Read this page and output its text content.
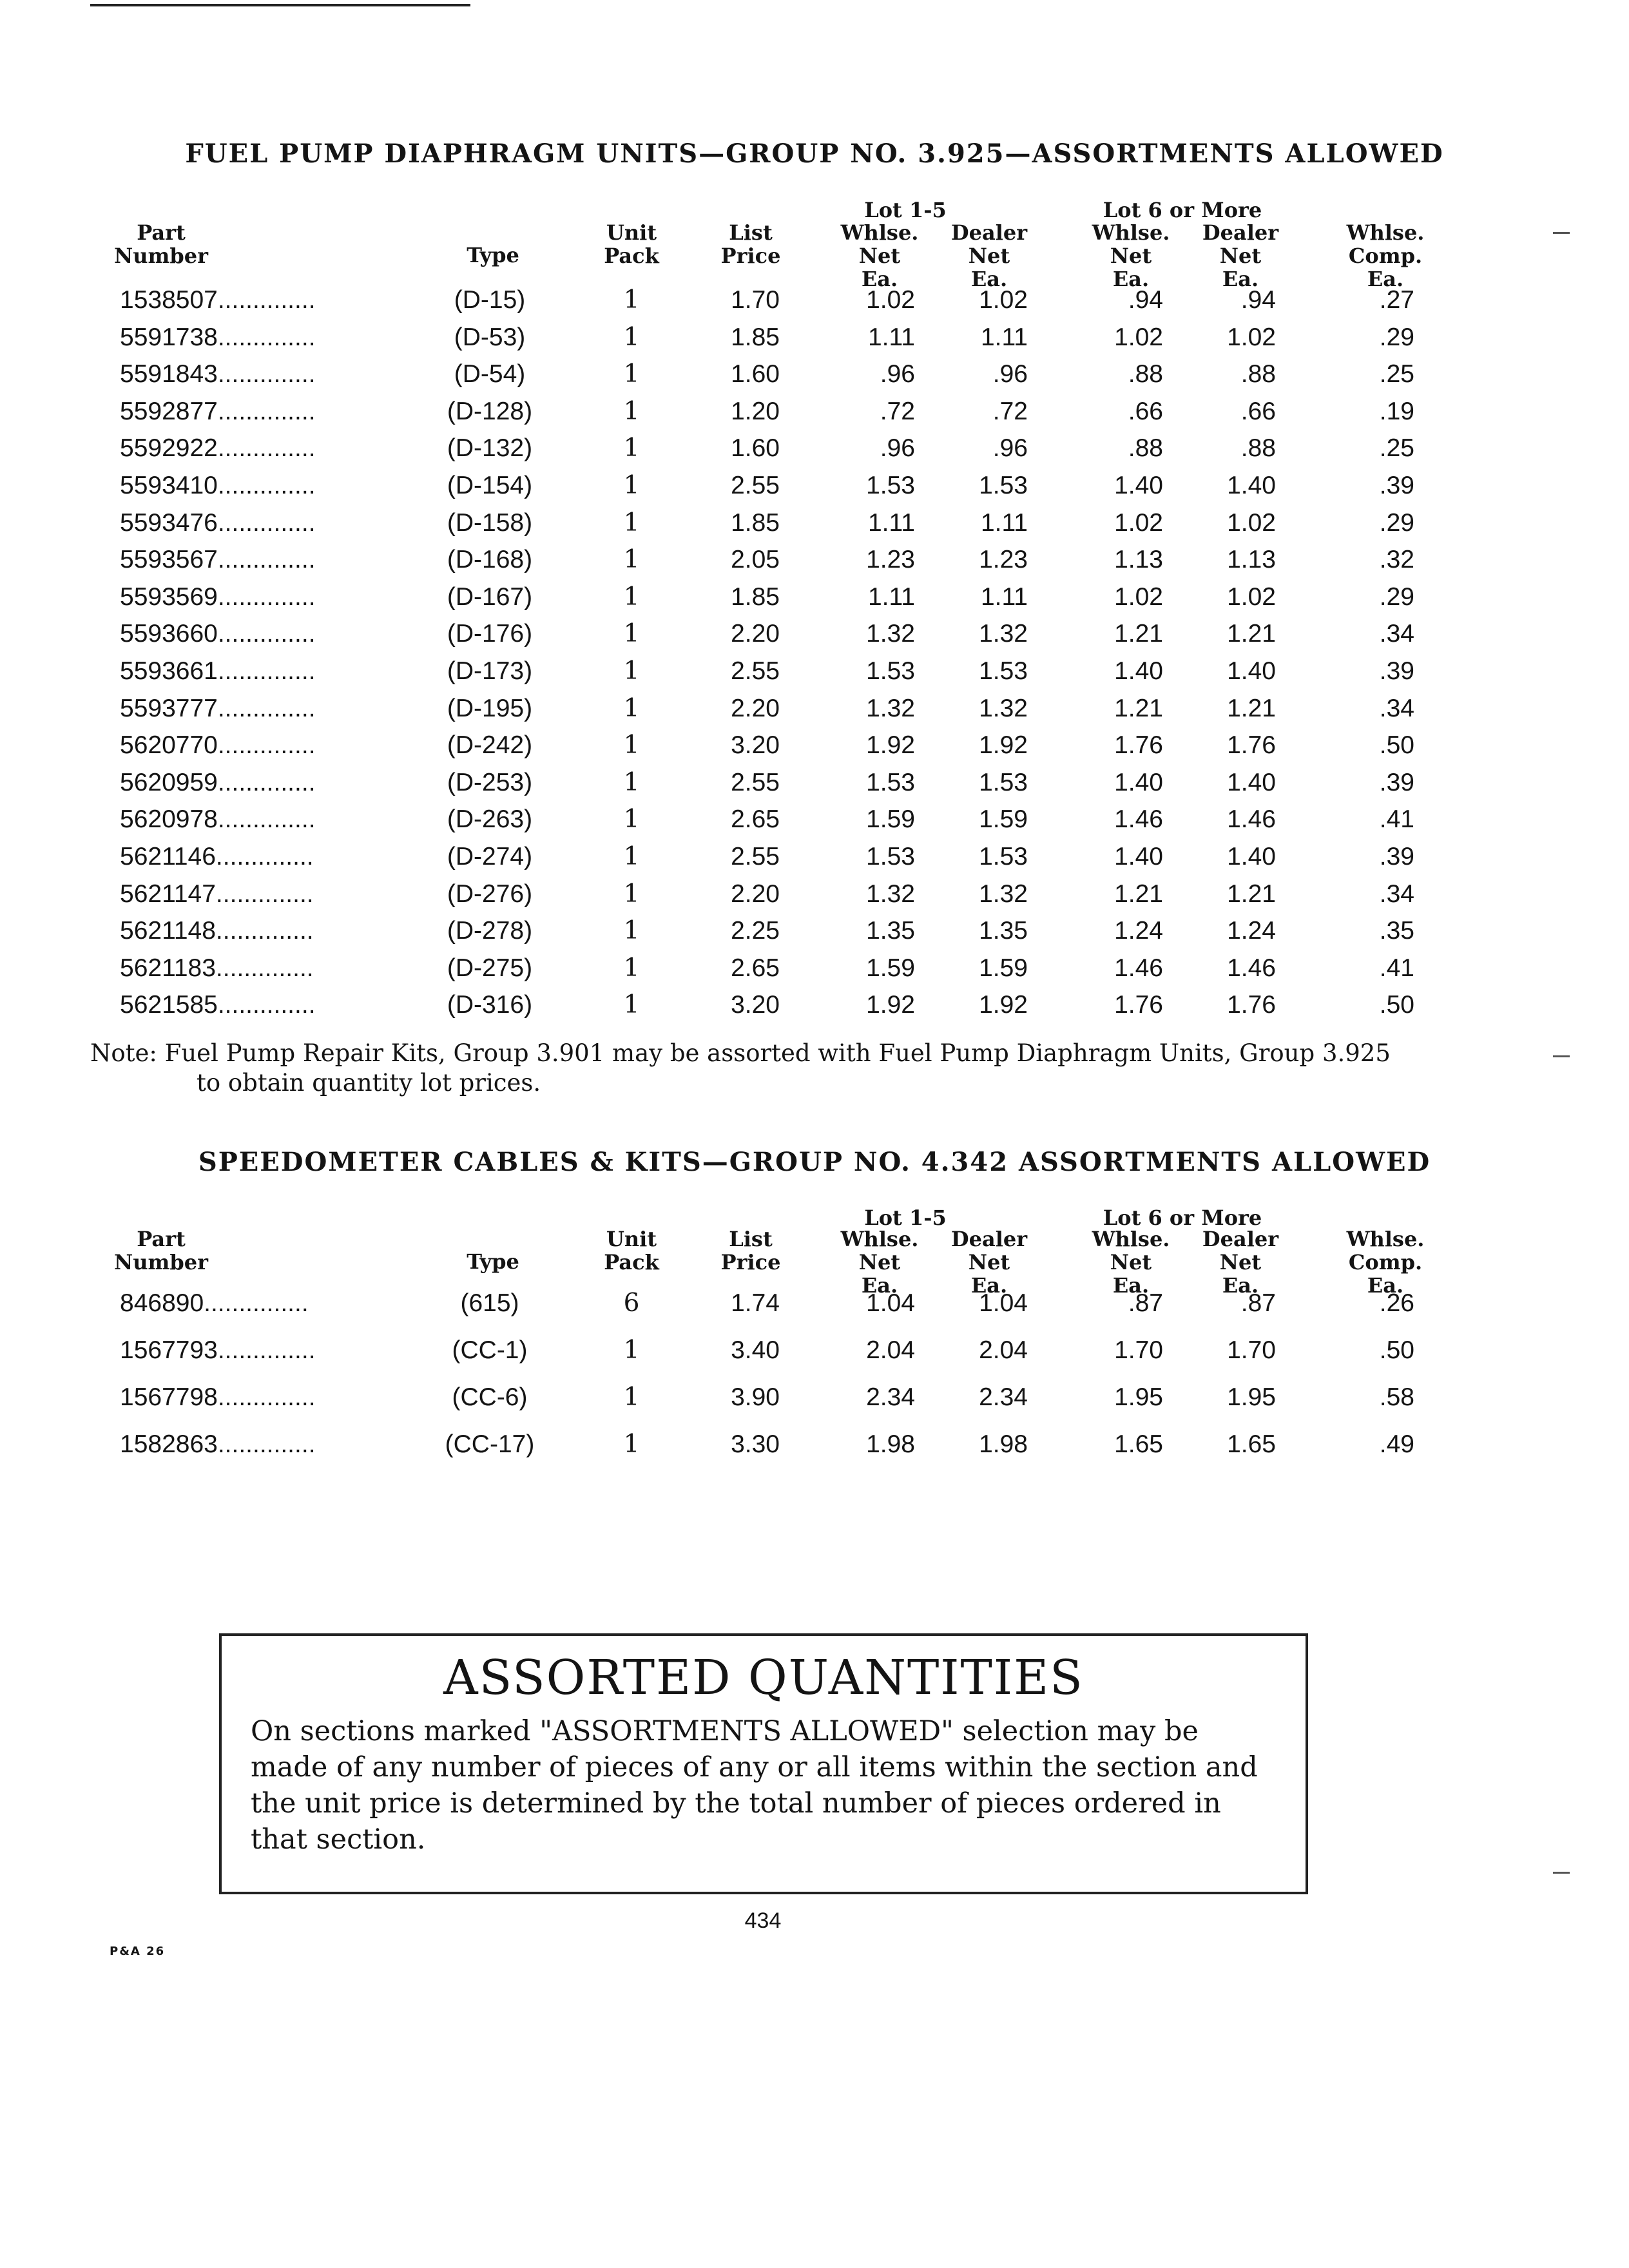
FUEL PUMP DIAPHRAGM UNITS—GROUP NO. 3.925—ASSORTMENTS ALLOWED
Lot 1-5	Lot 6 or More
Part Number	Type
Unit Pack
List Price
Whlse. Net Ea.
Dealer Net Ea.
Whlse. Net Ea.
Dealer Net Ea.
Whlse. Comp. Ea.
1538507..............	(D-15)	1	1.70	1.02	1.02	.94	.94	.27
5591738..............	(D-53)	1	1.85	1.11	1.11	1.02	1.02	.29
5591843..............	(D-54)	1	1.60	.96	.96	.88	.88	.25
5592877..............	(D-128)	1	1.20	.72	.72	.66	.66	.19
5592922..............	(D-132)	1	1.60	.96	.96	.88	.88	.25
5593410..............	(D-154)	1	2.55	1.53	1.53	1.40	1.40	.39
5593476..............	(D-158)	1	1.85	1.11	1.11	1.02	1.02	.29
5593567..............	(D-168)	1	2.05	1.23	1.23	1.13	1.13	.32
5593569..............	(D-167)	1	1.85	1.11	1.11	1.02	1.02	.29
5593660..............	(D-176)	1	2.20	1.32	1.32	1.21	1.21	.34
5593661..............	(D-173)	1	2.55	1.53	1.53	1.40	1.40	.39
5593777..............	(D-195)	1	2.20	1.32	1.32	1.21	1.21	.34
5620770..............	(D-242)	1	3.20	1.92	1.92	1.76	1.76	.50
5620959..............	(D-253)	1	2.55	1.53	1.53	1.40	1.40	.39
5620978..............	(D-263)	1	2.65	1.59	1.59	1.46	1.46	.41
5621146..............	(D-274)	1	2.55	1.53	1.53	1.40	1.40	.39
5621147..............	(D-276)	1	2.20	1.32	1.32	1.21	1.21	.34
5621148..............	(D-278)	1	2.25	1.35	1.35	1.24	1.24	.35
5621183..............	(D-275)	1	2.65	1.59	1.59	1.46	1.46	.41
5621585..............	(D-316)	1	3.20	1.92	1.92	1.76	1.76	.50
Note: Fuel Pump Repair Kits, Group 3.901 may be assorted with Fuel Pump Diaphragm Units, Group 3.925
to obtain quantity lot prices.
SPEEDOMETER CABLES & KITS—GROUP NO. 4.342 ASSORTMENTS ALLOWED
Lot 1-5	Lot 6 or More
Part Number	Type
Unit Pack
List Price
Whlse. Net Ea.
Dealer Net Ea.
Whlse. Net Ea.
Dealer Net Ea.
Whlse. Comp. Ea.
846890...............	(615)	6	1.74	1.04	1.04	.87	.87	.26
1567793..............	(CC-1)	1	3.40	2.04	2.04	1.70	1.70	.50
1567798..............	(CC-6)	1	3.90	2.34	2.34	1.95	1.95	.58
1582863..............	(CC-17)	1	3.30	1.98	1.98	1.65	1.65	.49
ASSORTED QUANTITIES
On sections marked "ASSORTMENTS ALLOWED" selection may be made of any number of pieces of any or all items within the section and the unit price is determined by the total number of pieces ordered in that section.
434
P&A 26
